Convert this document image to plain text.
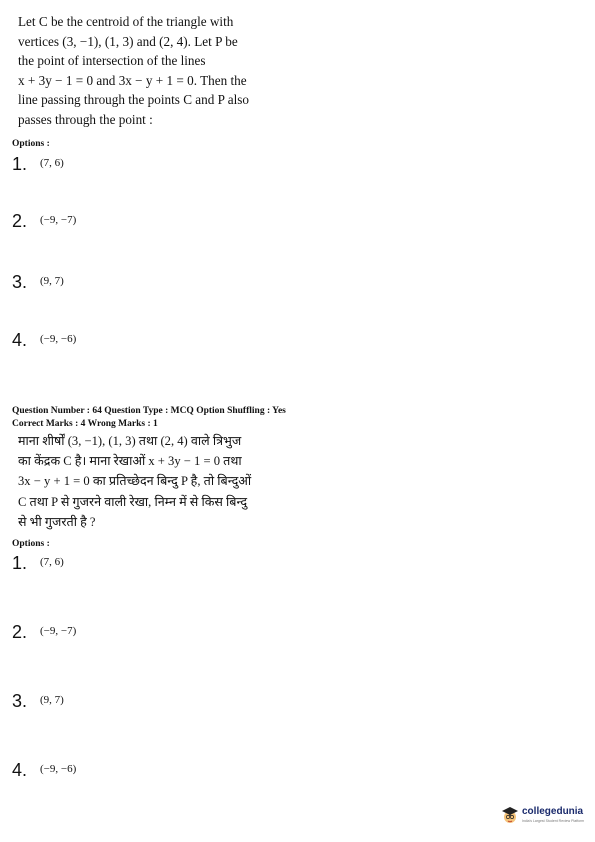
Let C be the centroid of the triangle with
vertices (3, −1), (1, 3) and (2, 4). Let P be
the point of intersection of the lines
x + 3y − 1 = 0 and 3x − y + 1 = 0. Then the
line passing through the points C and P also
passes through the point :
Options :
1. (7, 6)
2. (−9, −7)
3. (9, 7)
4. (−9, −6)
Question Number : 64 Question Type : MCQ Option Shuffling : Yes
Correct Marks : 4 Wrong Marks : 1
माना शीर्षों (3, −1), (1, 3) तथा (2, 4) वाले त्रिभुज
का केंद्रक C है। माना रेखाओं x + 3y − 1 = 0 तथा
3x − y + 1 = 0 का प्रतिच्छेदन बिन्दु P है, तो बिन्दुओं
C तथा P से गुजरने वाली रेखा, निम्न में से किस बिन्दु
से भी गुजरती है ?
Options :
1. (7, 6)
2. (−9, −7)
3. (9, 7)
4. (−9, −6)
collegedunia
India's Largest Student Review Platform
